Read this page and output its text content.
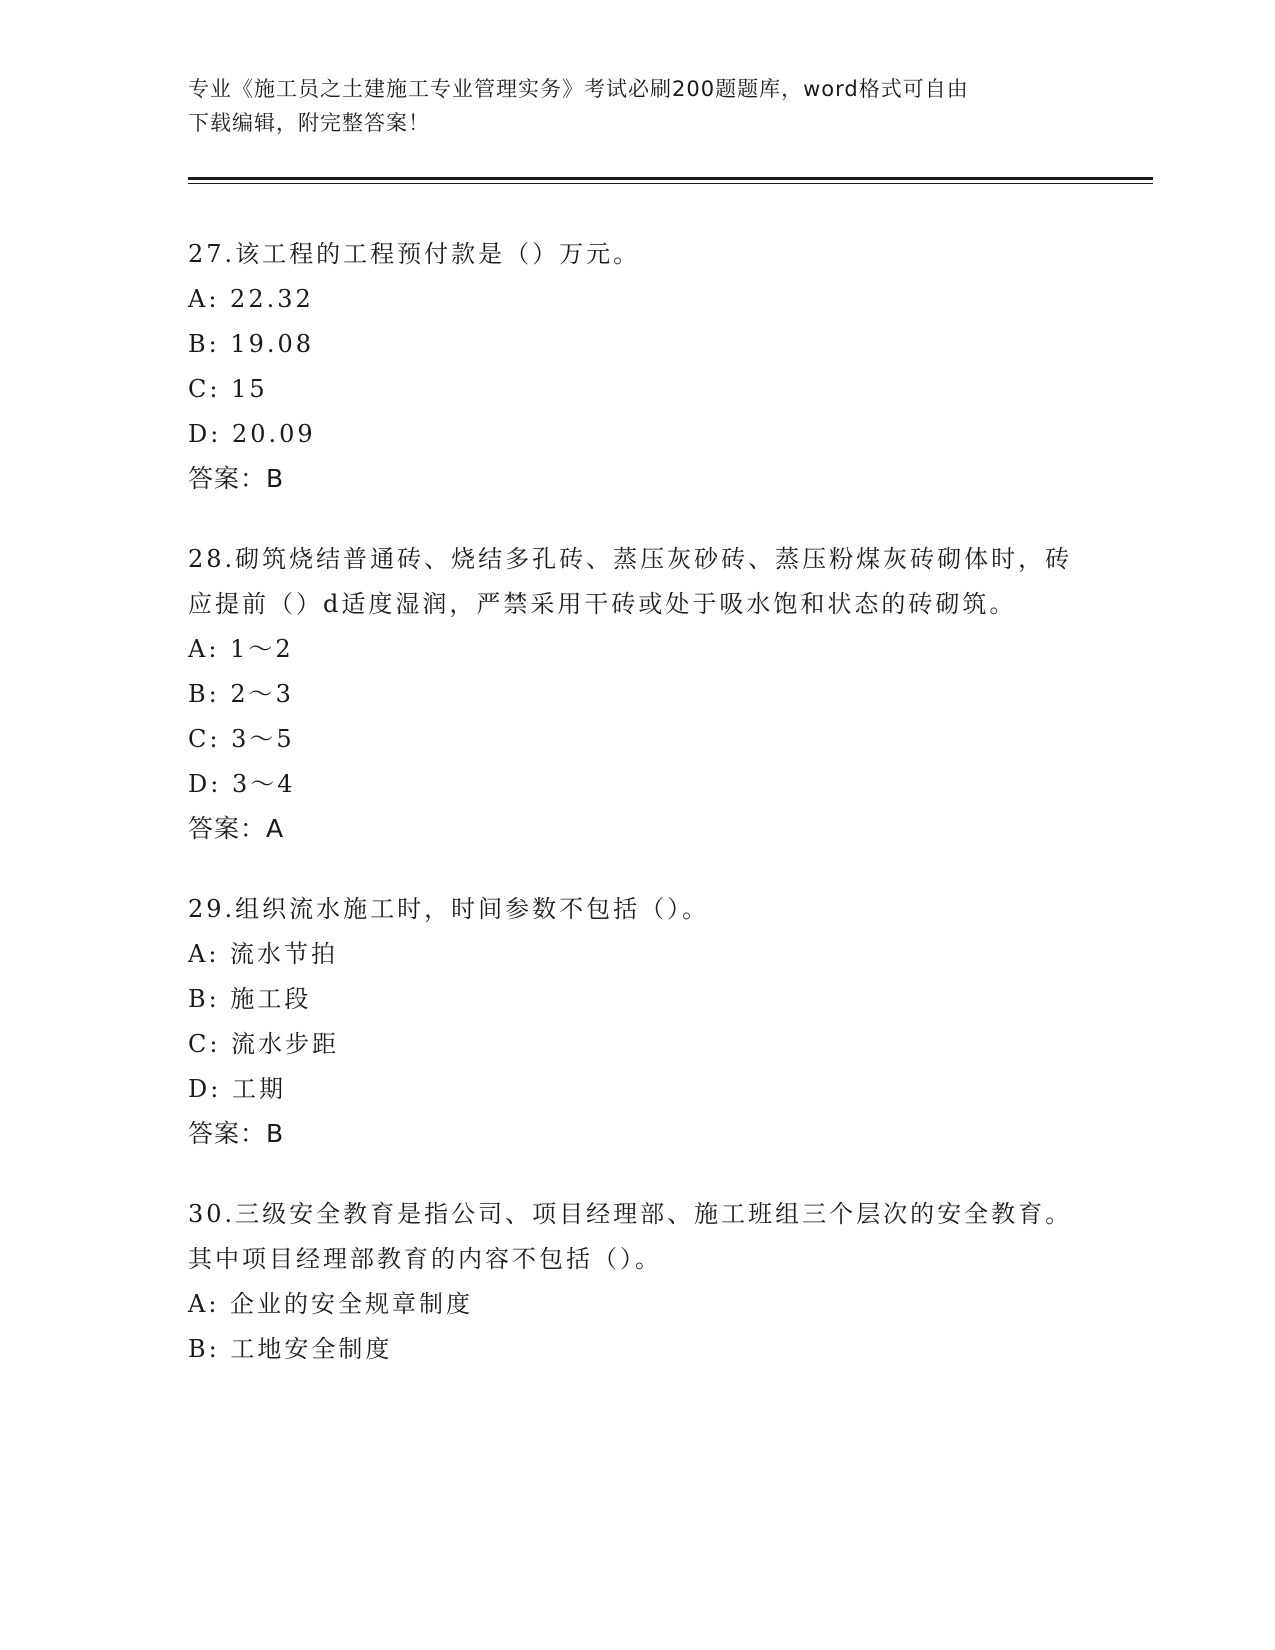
专业《施工员之土建施工专业管理实务》考试必刷200题题库，word格式可自由
下载编辑，附完整答案！
27.该工程的工程预付款是（）万元。
A: 22.32
B: 19.08
C: 15
D: 20.09
答案：B
28.砌筑烧结普通砖、烧结多孔砖、蒸压灰砂砖、蒸压粉煤灰砖砌体时，砖应提前（）d适度湿润，严禁采用干砖或处于吸水饱和状态的砖砌筑。
A: 1～2
B: 2～3
C: 3～5
D: 3～4
答案：A
29.组织流水施工时，时间参数不包括（）。
A: 流水节拍
B: 施工段
C: 流水步距
D: 工期
答案：B
30.三级安全教育是指公司、项目经理部、施工班组三个层次的安全教育。其中项目经理部教育的内容不包括（）。
A: 企业的安全规章制度
B: 工地安全制度
